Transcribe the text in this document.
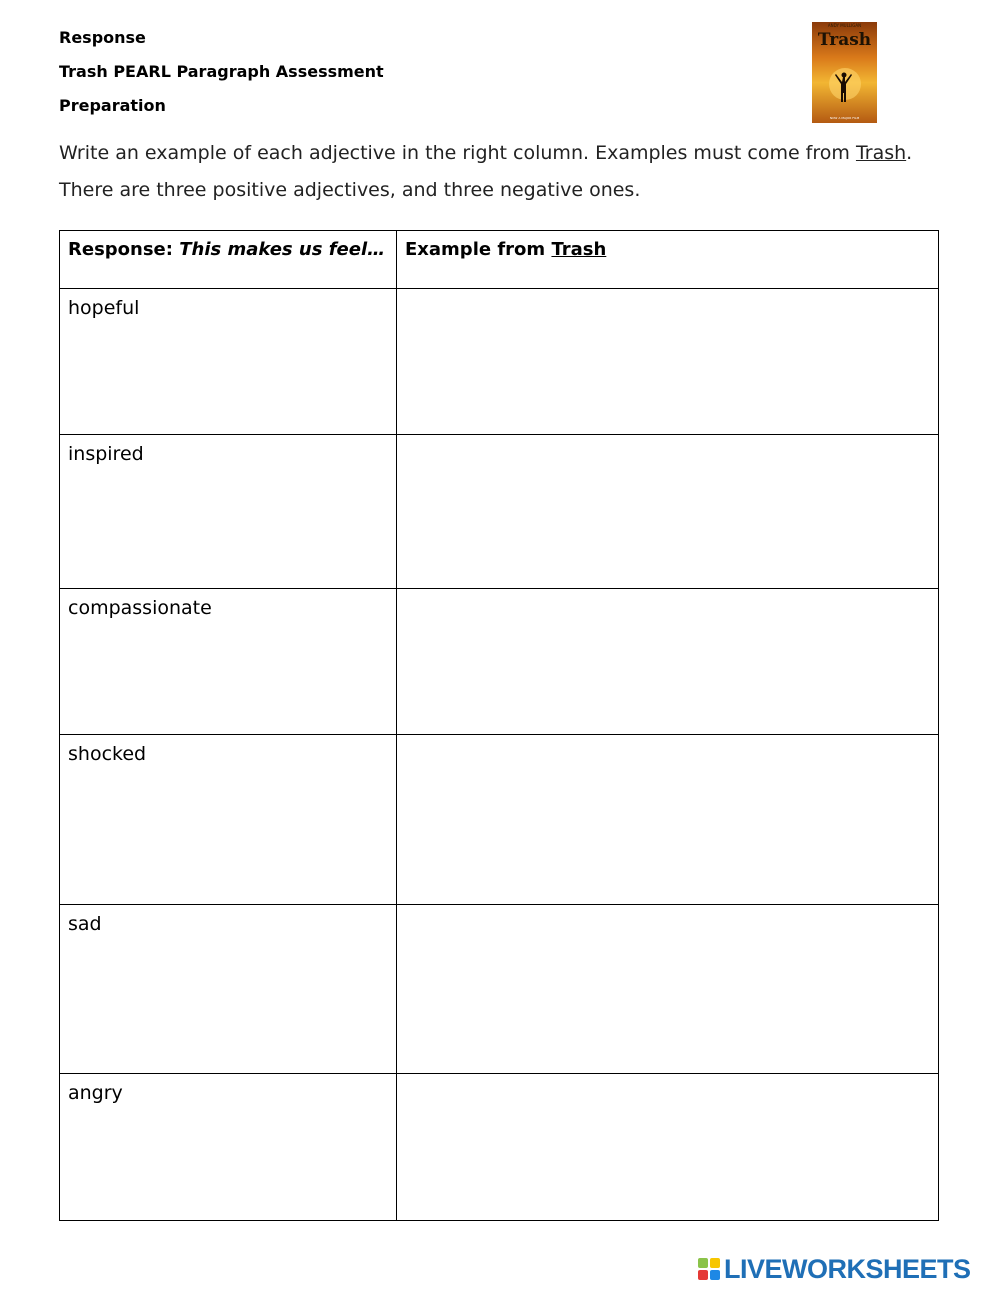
Response
Trash PEARL Paragraph Assessment
Preparation
ANDY MULLIGAN
Trash
NOW A MAJOR FILM
Write an example of each adjective in the right column. Examples must come from Trash.
There are three positive adjectives, and three negative ones.
Response: This makes us feel…	Example from Trash
hopeful	
inspired	
compassionate	
shocked	
sad	
angry	
LIVEWORKSHEETS
